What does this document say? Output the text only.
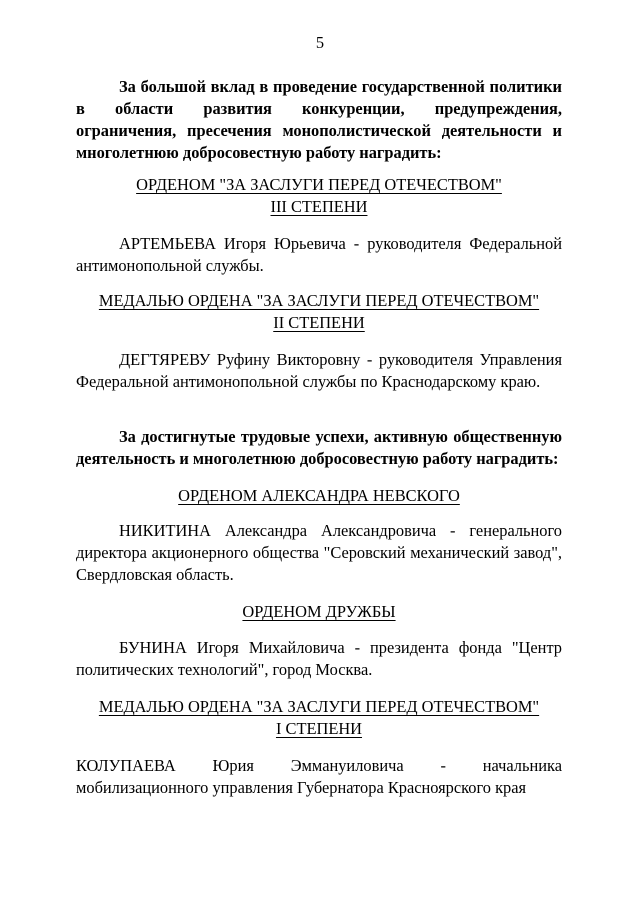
5

За большой вклад в проведение государственной политики в области развития конкуренции, предупреждения, ограничения, пресечения монополистической деятельности и многолетнюю добросовестную работу наградить:

ОРДЕНОМ "ЗА ЗАСЛУГИ ПЕРЕД ОТЕЧЕСТВОМ"
III СТЕПЕНИ

АРТЕМЬЕВА Игоря Юрьевича - руководителя Федеральной антимонопольной службы.

МЕДАЛЬЮ ОРДЕНА "ЗА ЗАСЛУГИ ПЕРЕД ОТЕЧЕСТВОМ"
II СТЕПЕНИ

ДЕГТЯРЕВУ Руфину Викторовну - руководителя Управления Федеральной антимонопольной службы по Краснодарскому краю.

За достигнутые трудовые успехи, активную общественную деятельность и многолетнюю добросовестную работу наградить:

ОРДЕНОМ АЛЕКСАНДРА НЕВСКОГО

НИКИТИНА Александра Александровича - генерального директора акционерного общества "Серовский механический завод", Свердловская область.

ОРДЕНОМ ДРУЖБЫ

БУНИНА Игоря Михайловича - президента фонда "Центр политических технологий", город Москва.

МЕДАЛЬЮ ОРДЕНА "ЗА ЗАСЛУГИ ПЕРЕД ОТЕЧЕСТВОМ"
I СТЕПЕНИ
КОЛУПАЕВА Юрия Эммануиловича - начальника
мобилизационного управления Губернатора Красноярского края
